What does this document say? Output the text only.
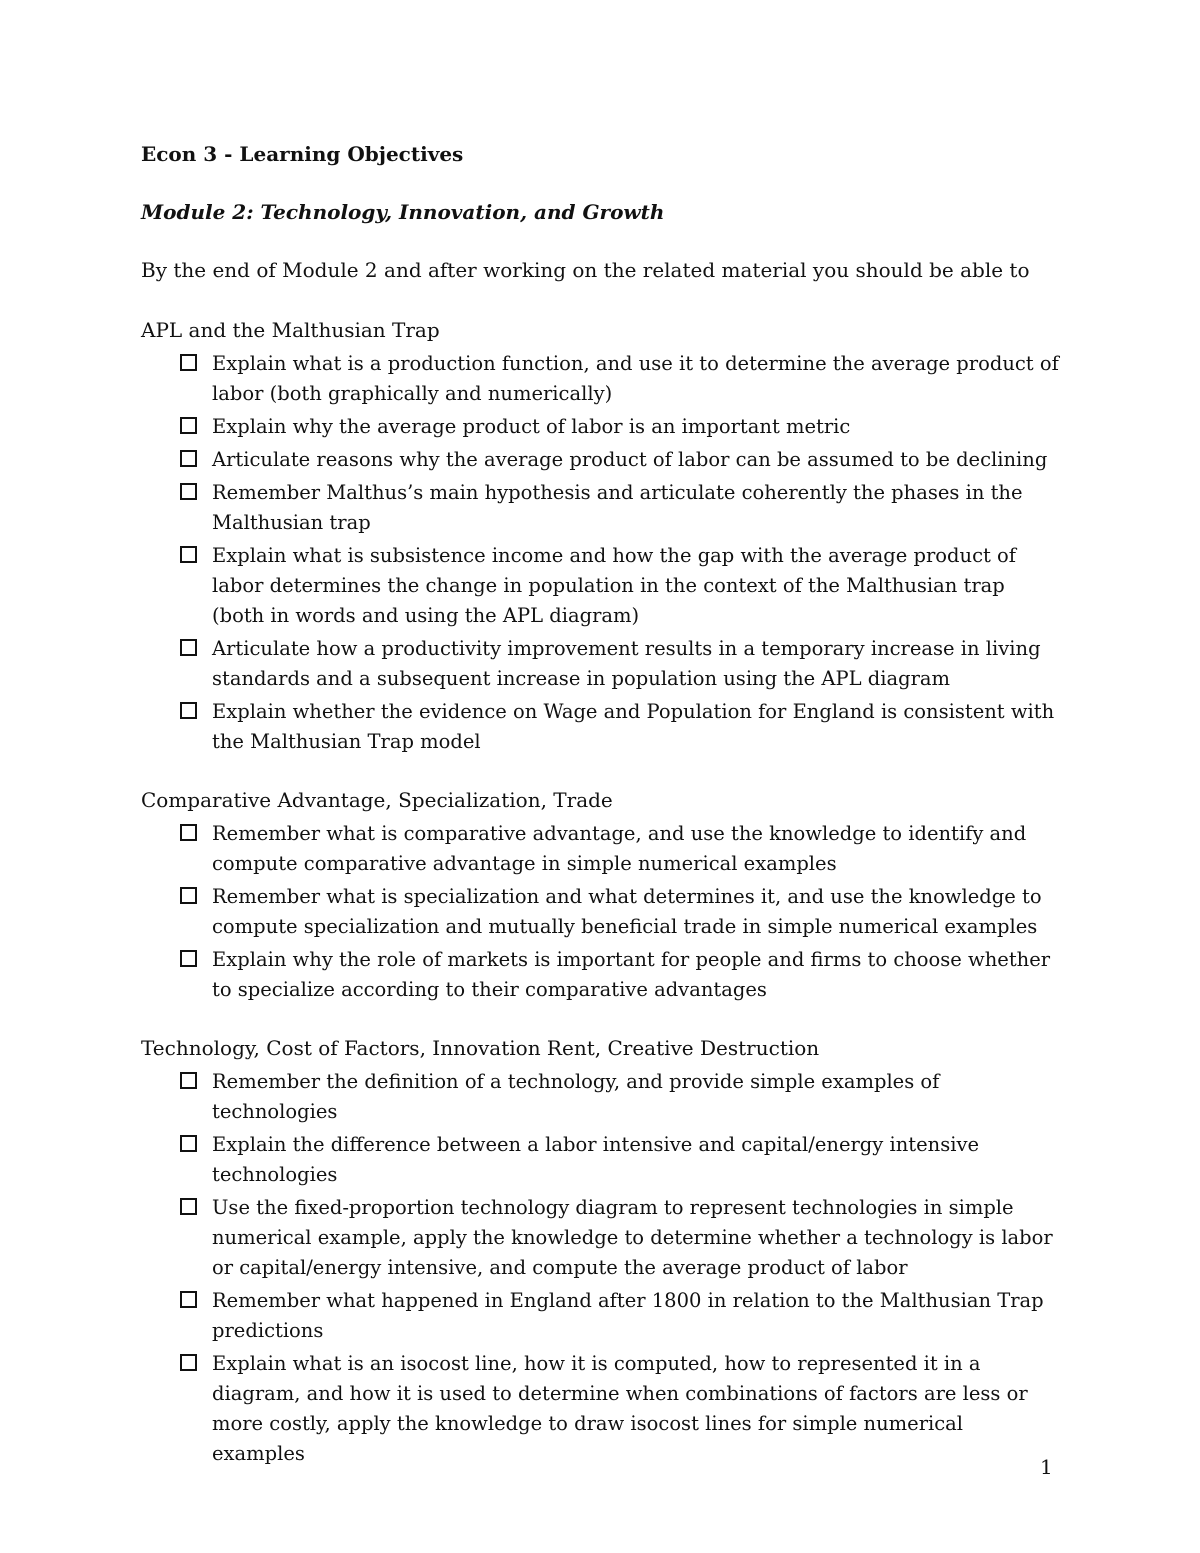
Econ 3 - Learning Objectives
Module 2: Technology, Innovation, and Growth
By the end of Module 2 and after working on the related material you should be able to
APL and the Malthusian Trap
Explain what is a production function, and use it to determine the average product of labor (both graphically and numerically)
Explain why the average product of labor is an important metric
Articulate reasons why the average product of labor can be assumed to be declining
Remember Malthus’s main hypothesis and articulate coherently the phases in the Malthusian trap
Explain what is subsistence income and how the gap with the average product of labor determines the change in population in the context of the Malthusian trap (both in words and using the APL diagram)
Articulate how a productivity improvement results in a temporary increase in living standards and a subsequent increase in population using the APL diagram
Explain whether the evidence on Wage and Population for England is consistent with the Malthusian Trap model
Comparative Advantage, Specialization, Trade
Remember what is comparative advantage, and use the knowledge to identify and compute comparative advantage in simple numerical examples
Remember what is specialization and what determines it, and use the knowledge to compute specialization and mutually beneficial trade in simple numerical examples
Explain why the role of markets is important for people and firms to choose whether to specialize according to their comparative advantages
Technology, Cost of Factors, Innovation Rent, Creative Destruction
Remember the definition of a technology, and provide simple examples of technologies
Explain the difference between a labor intensive and capital/energy intensive technologies
Use the fixed-proportion technology diagram to represent technologies in simple numerical example, apply the knowledge to determine whether a technology is labor or capital/energy intensive, and compute the average product of labor
Remember what happened in England after 1800 in relation to the Malthusian Trap predictions
Explain what is an isocost line, how it is computed, how to represented it in a diagram, and how it is used to determine when combinations of factors are less or more costly, apply the knowledge to draw isocost lines for simple numerical examples
1
